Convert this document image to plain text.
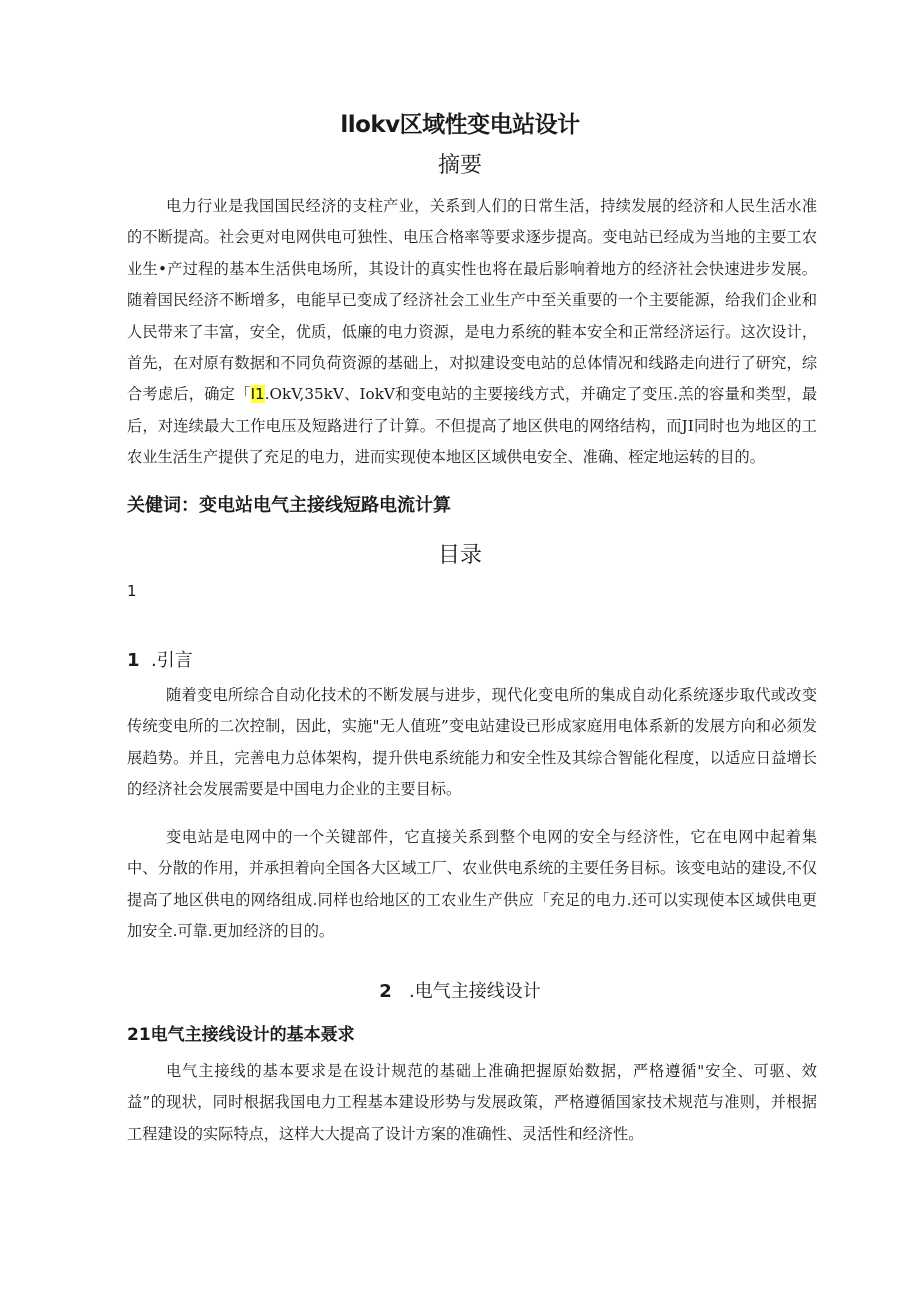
llokv区域性变电站设计
摘要

电力行业是我国国民经济的支柱产业，关系到人们的日常生活，持续发展的经济和人民生活水准的不断提高。社会更对电网供电可独性、电压合格率等要求逐步提高。变电站已经成为当地的主要工农业生•产过程的基本生活供电场所，其设计的真实性也将在最后影响着地方的经济社会快速进步发展。随着国民经济不断增多，电能早已变成了经济社会工业生产中至关重要的一个主要能源，给我们企业和人民带来了丰富，安全，优质，低廉的电力资源，是电力系统的鞋本安全和正常经济运行。这次设计，首先，在对原有数据和不同负荷资源的基础上，对拟建设变电站的总体情况和线路走向进行了研究，综合考虑后，确定「I1.OkV,35kV、IokV和变电站的主要接线方式，并确定了变压.羔的容量和类型，最后，对连续最大工作电压及短路进行了计算。不但提高了地区供电的网络结构，而JI同时也为地区的工农业生活生产提供了充足的电力，进而实现使本地区区域供电安全、准确、桎定地运转的目的。

关健词：变电站电气主接线短路电流计算
目录
1
1 .引言

随着变电所综合自动化技术的不断发展与进步，现代化变电所的集成自动化系统逐步取代或改变传统变电所的二次控制，因此，实施"无人值班”变电站建设已形成家庭用电体系新的发展方向和必须发展趋势。并且，完善电力总体架构，提升供电系统能力和安全性及其综合智能化程度，以适应日益增长的经济社会发展需要是中国电力企业的主要目标。

变电站是电网中的一个关键部件，它直接关系到整个电网的安全与经济性，它在电网中起着集中、分散的作用，并承担着向全国各大区域工厂、农业供电系统的主要任务目标。该变电站的建设,不仅提高了地区供电的网络组成.同样也给地区的工农业生产供应「充足的电力.还可以实现使本区域供电更加安全.可靠.更加经济的目的。

2 .电气主接线设计
21电气主接线设计的基本聂求

电气主接线的基本要求是在设计规范的基础上准确把握原始数据，严格遵循"安全、可驱、效益”的现状，同时根据我国电力工程基本建设形势与发展政策，严格遵循国家技术规范与准则，并根据工程建设的实际特点，这样大大提高了设计方案的准确性、灵活性和经济性。
